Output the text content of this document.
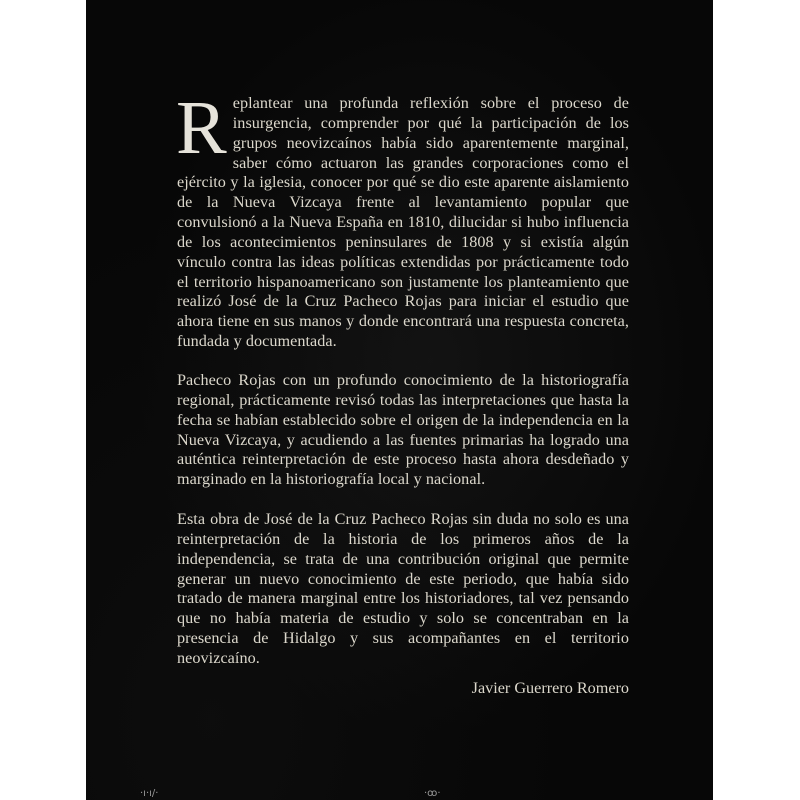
Replantear una profunda reflexión sobre el proceso de insurgencia, comprender por qué la participación de los grupos neovizcaínos había sido aparentemente marginal, saber cómo actuaron las grandes corporaciones como el ejército y la iglesia, conocer por qué se dio este aparente aislamiento de la Nueva Vizcaya frente al levantamiento popular que convulsionó a la Nueva España en 1810, dilucidar si hubo influencia de los acontecimientos peninsulares de 1808 y si existía algún vínculo contra las ideas políticas extendidas por prácticamente todo el territorio hispanoamericano son justamente los planteamiento que realizó José de la Cruz Pacheco Rojas para iniciar el estudio que ahora tiene en sus manos y donde encontrará una respuesta concreta, fundada y documentada.

Pacheco Rojas con un profundo conocimiento de la historiografía regional, prácticamente revisó todas las interpretaciones que hasta la fecha se habían establecido sobre el origen de la independencia en la Nueva Vizcaya, y acudiendo a las fuentes primarias ha logrado una auténtica reinterpretación de este proceso hasta ahora desdeñado y marginado en la historiografía local y nacional.

Esta obra de José de la Cruz Pacheco Rojas sin duda no solo es una reinterpretación de la historia de los primeros años de la independencia, se trata de una contribución original que permite generar un nuevo conocimiento de este periodo, que había sido tratado de manera marginal entre los historiadores, tal vez pensando que no había materia de estudio y solo se concentraban en la presencia de Hidalgo y sus acompañantes en el territorio neovizcaíno.

Javier Guerrero Romero
·ı·ı/·	·ꝏ·
